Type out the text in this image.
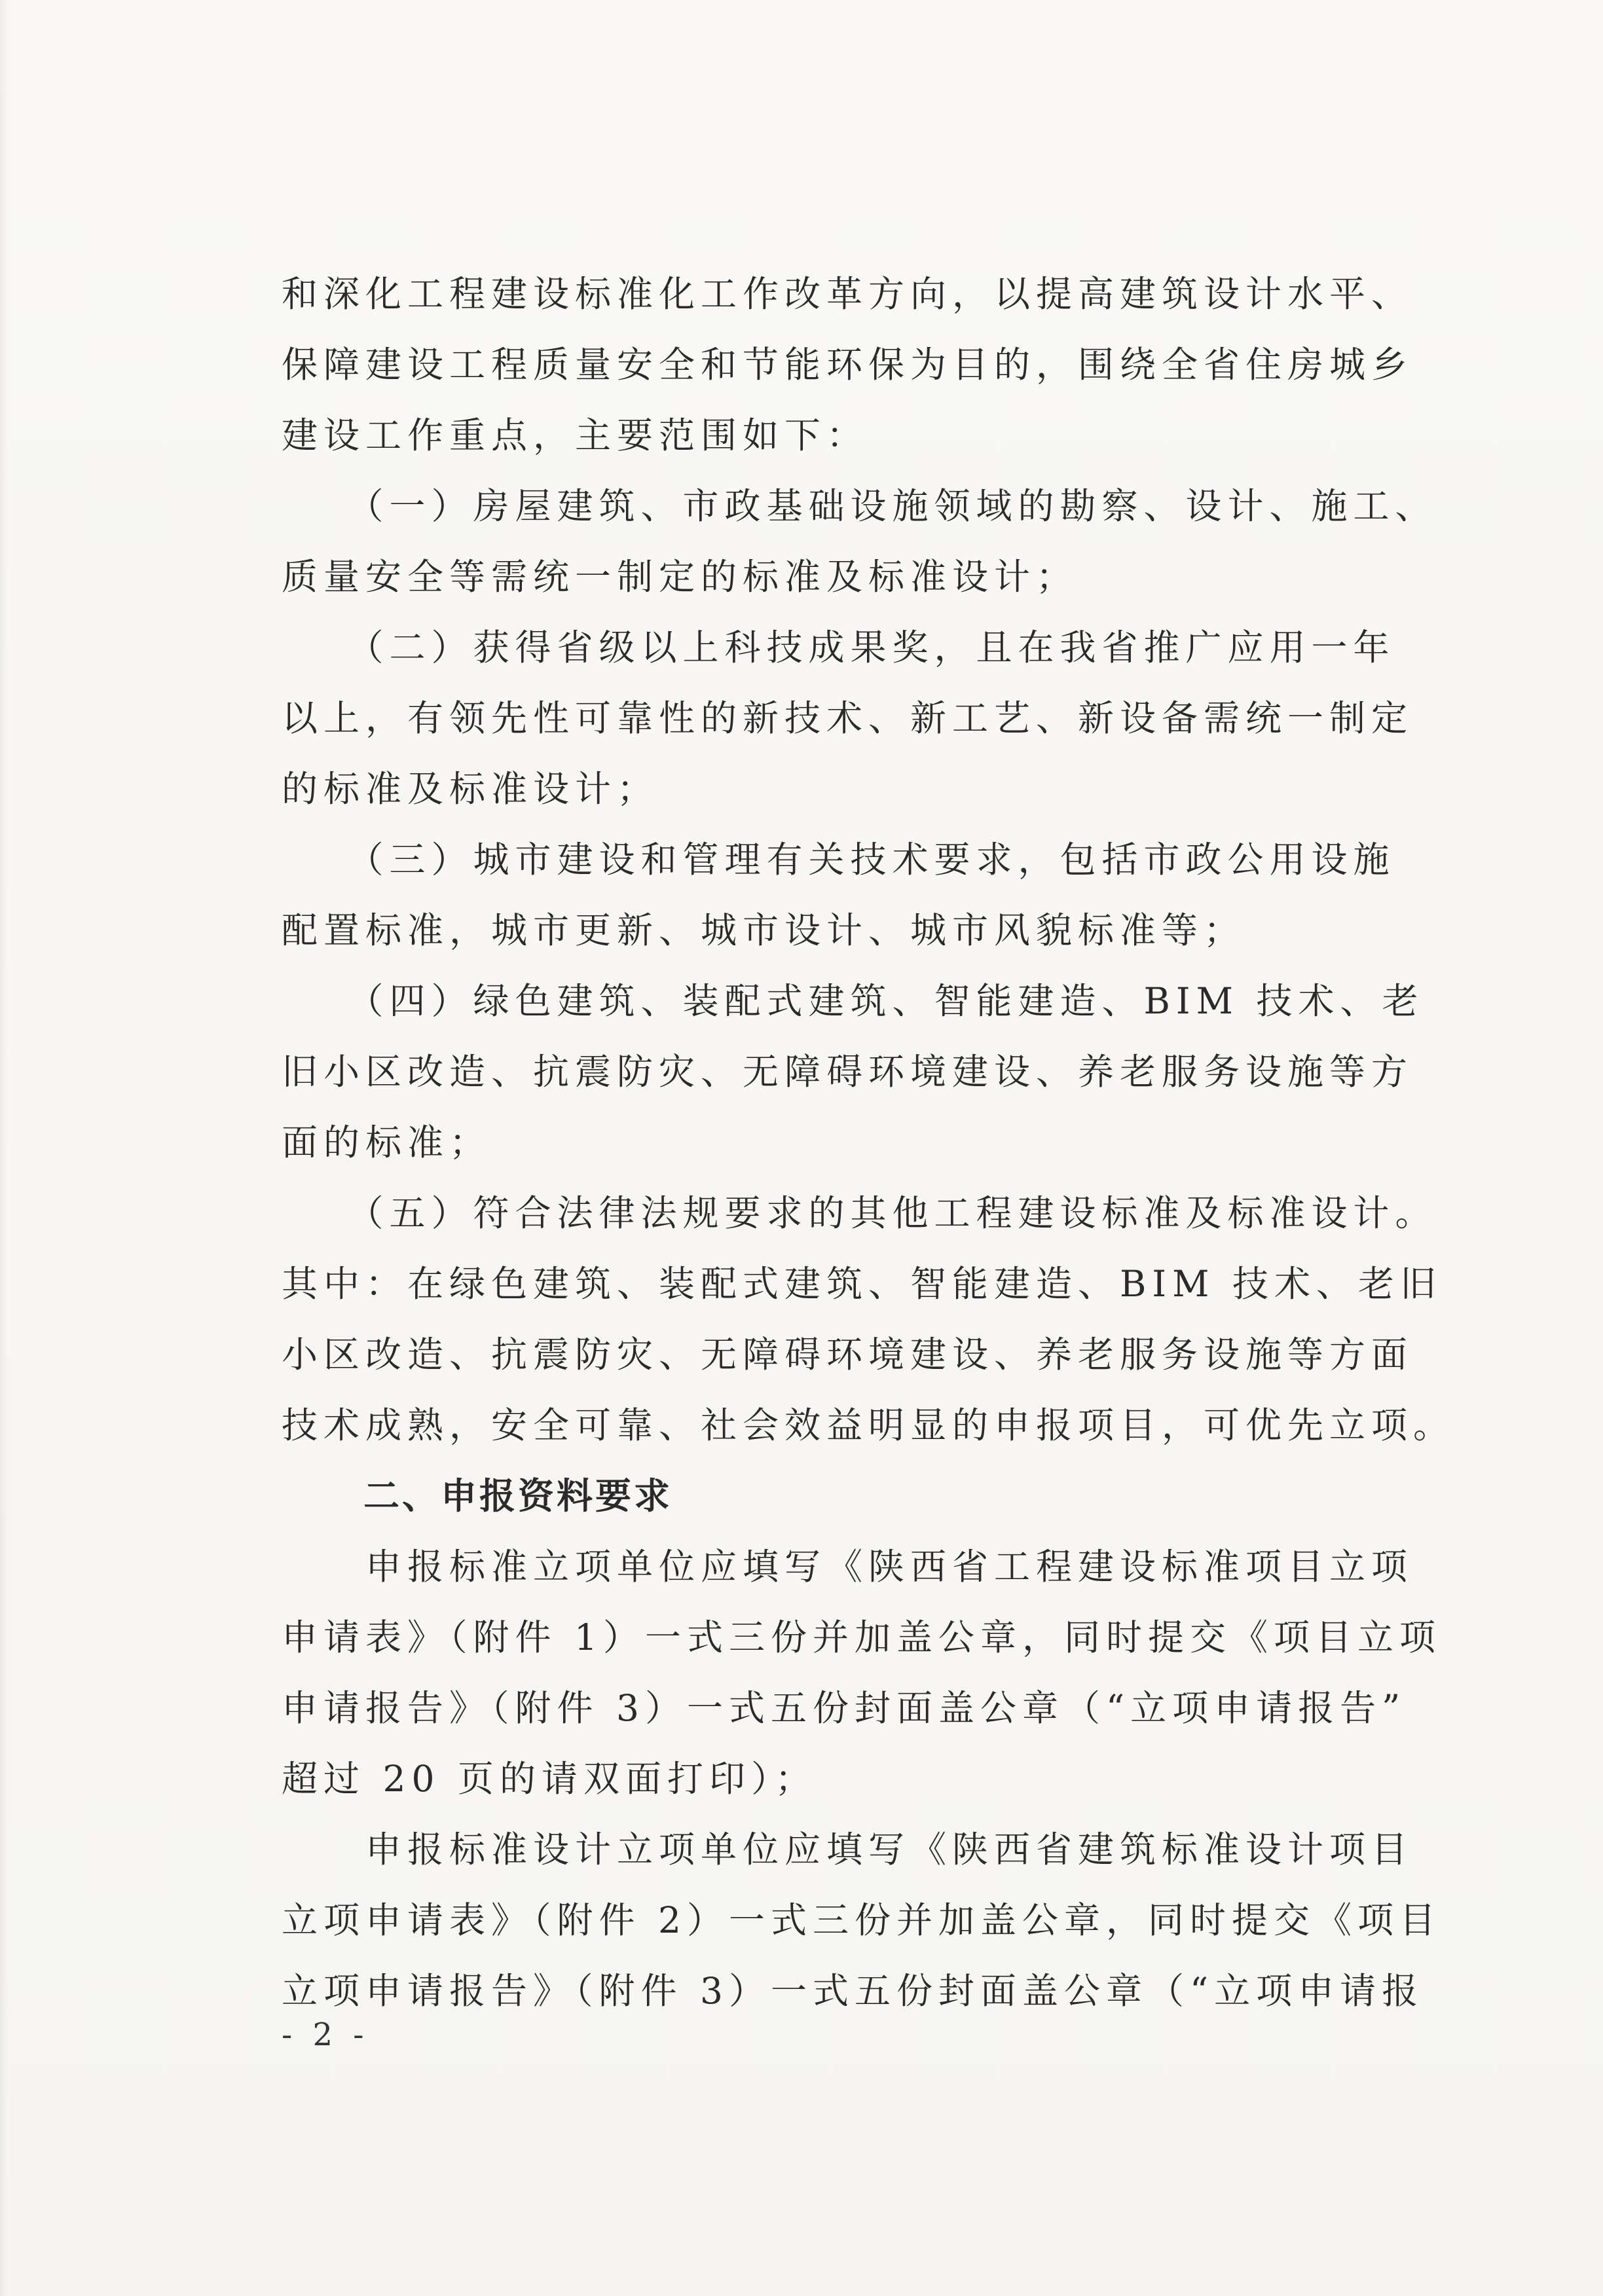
和深化工程建设标准化工作改革方向，以提高建筑设计水平、
保障建设工程质量安全和节能环保为目的，围绕全省住房城乡
建设工作重点，主要范围如下：
　　（一）房屋建筑、市政基础设施领域的勘察、设计、施工、
质量安全等需统一制定的标准及标准设计；
　　（二）获得省级以上科技成果奖，且在我省推广应用一年
以上，有领先性可靠性的新技术、新工艺、新设备需统一制定
的标准及标准设计；
　　（三）城市建设和管理有关技术要求，包括市政公用设施
配置标准，城市更新、城市设计、城市风貌标准等；
　　（四）绿色建筑、装配式建筑、智能建造、BIM 技术、老
旧小区改造、抗震防灾、无障碍环境建设、养老服务设施等方
面的标准；
　　（五）符合法律法规要求的其他工程建设标准及标准设计。
其中：在绿色建筑、装配式建筑、智能建造、BIM 技术、老旧
小区改造、抗震防灾、无障碍环境建设、养老服务设施等方面
技术成熟，安全可靠、社会效益明显的申报项目，可优先立项。
二、申报资料要求
　　申报标准立项单位应填写《陕西省工程建设标准项目立项
申请表》（附件 1）一式三份并加盖公章，同时提交《项目立项
申请报告》（附件 3）一式五份封面盖公章（“立项申请报告”
超过 20 页的请双面打印）；
　　申报标准设计立项单位应填写《陕西省建筑标准设计项目
立项申请表》（附件 2）一式三份并加盖公章，同时提交《项目
立项申请报告》（附件 3）一式五份封面盖公章（“立项申请报
- 2 -
